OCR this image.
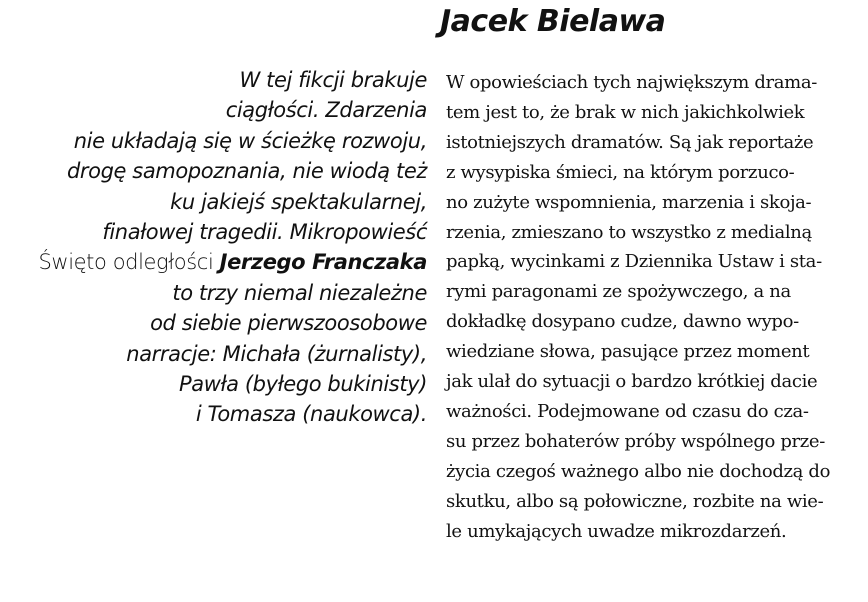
Jacek Bielawa
W tej fikcji brakuje
ciągłości. Zdarzenia
nie układają się w ścieżkę rozwoju,
drogę samopoznania, nie wiodą też
ku jakiejś spektakularnej,
finałowej tragedii. Mikropowieść
Święto odległości Jerzego Franczaka
to trzy niemal niezależne
od siebie pierwszoosobowe
narracje: Michała (żurnalisty),
Pawła (byłego bukinisty)
i Tomasza (naukowca).
W opowieściach tych największym drama-
tem jest to, że brak w nich jakichkolwiek
istotniejszych dramatów. Są jak reportaże
z wysypiska śmieci, na którym porzuco-
no zużyte wspomnienia, marzenia i skoja-
rzenia, zmieszano to wszystko z medialną
papką, wycinkami z Dziennika Ustaw i sta-
rymi paragonami ze spożywczego, a na
dokładkę dosypano cudze, dawno wypo-
wiedziane słowa, pasujące przez moment
jak ulał do sytuacji o bardzo krótkiej dacie
ważności. Podejmowane od czasu do cza-
su przez bohaterów próby wspólnego prze-
życia czegoś ważnego albo nie dochodzą do
skutku, albo są połowiczne, rozbite na wie-
le umykających uwadze mikrozdarzeń.
